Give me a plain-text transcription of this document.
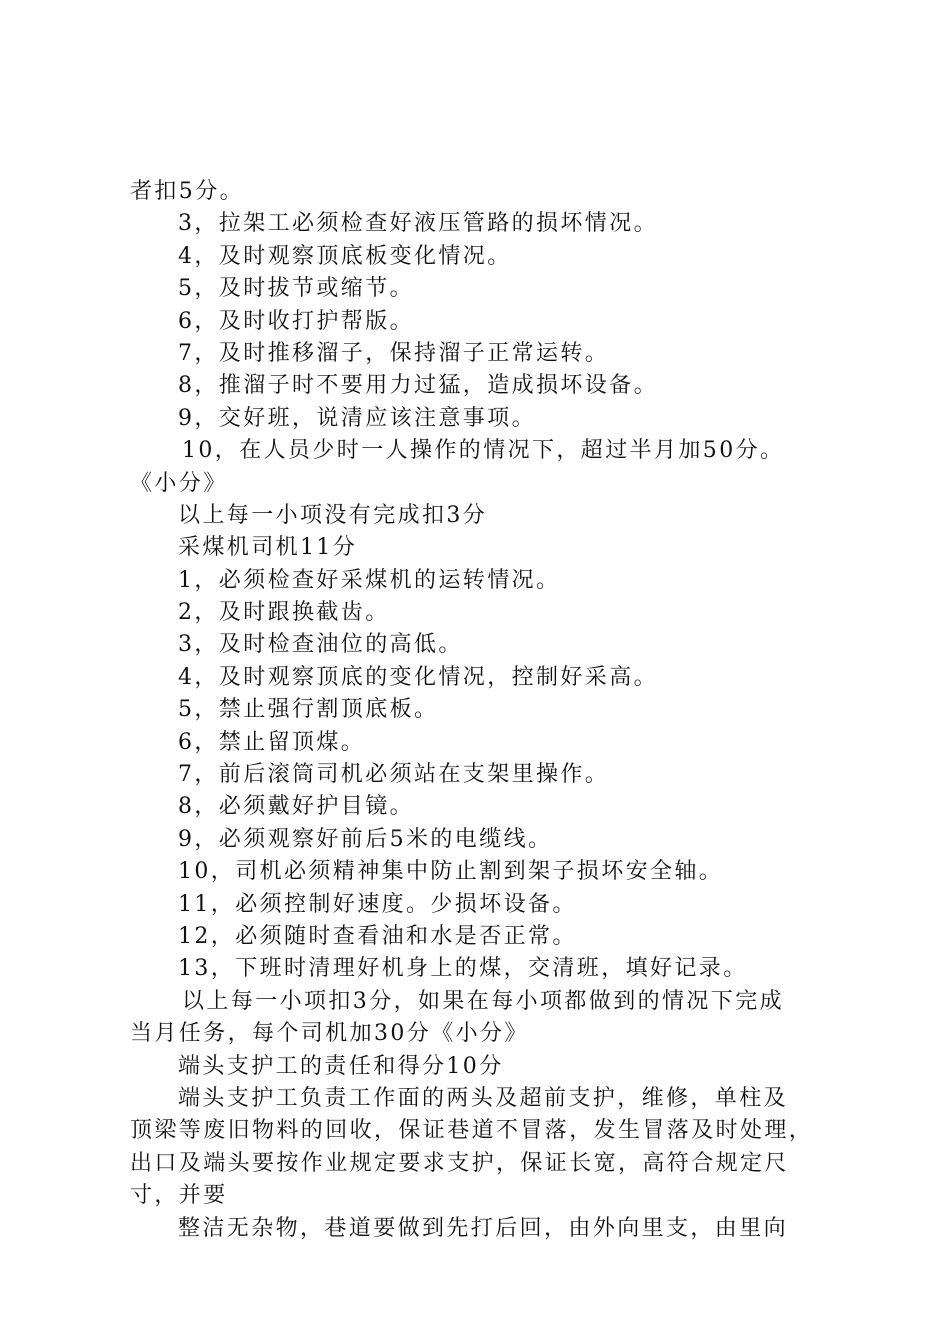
者扣5分。
3，拉架工必须检查好液压管路的损坏情况。
4，及时观察顶底板变化情况。
5，及时拔节或缩节。
6，及时收打护帮版。
7，及时推移溜子，保持溜子正常运转。
8，推溜子时不要用力过猛，造成损坏设备。
9，交好班，说清应该注意事项。
10，在人员少时一人操作的情况下，超过半月加50分。
《小分》
以上每一小项没有完成扣3分
采煤机司机11分
1，必须检查好采煤机的运转情况。
2，及时跟换截齿。
3，及时检查油位的高低。
4，及时观察顶底的变化情况，控制好采高。
5，禁止强行割顶底板。
6，禁止留顶煤。
7，前后滚筒司机必须站在支架里操作。
8，必须戴好护目镜。
9，必须观察好前后5米的电缆线。
10，司机必须精神集中防止割到架子损坏安全轴。
11，必须控制好速度。少损坏设备。
12，必须随时查看油和水是否正常。
13，下班时清理好机身上的煤，交清班，填好记录。
以上每一小项扣3分，如果在每小项都做到的情况下完成
当月任务，每个司机加30分《小分》
端头支护工的责任和得分10分
端头支护工负责工作面的两头及超前支护，维修，单柱及
顶梁等废旧物料的回收，保证巷道不冒落，发生冒落及时处理，
出口及端头要按作业规定要求支护，保证长宽，高符合规定尺
寸，并要
整洁无杂物，巷道要做到先打后回，由外向里支，由里向
